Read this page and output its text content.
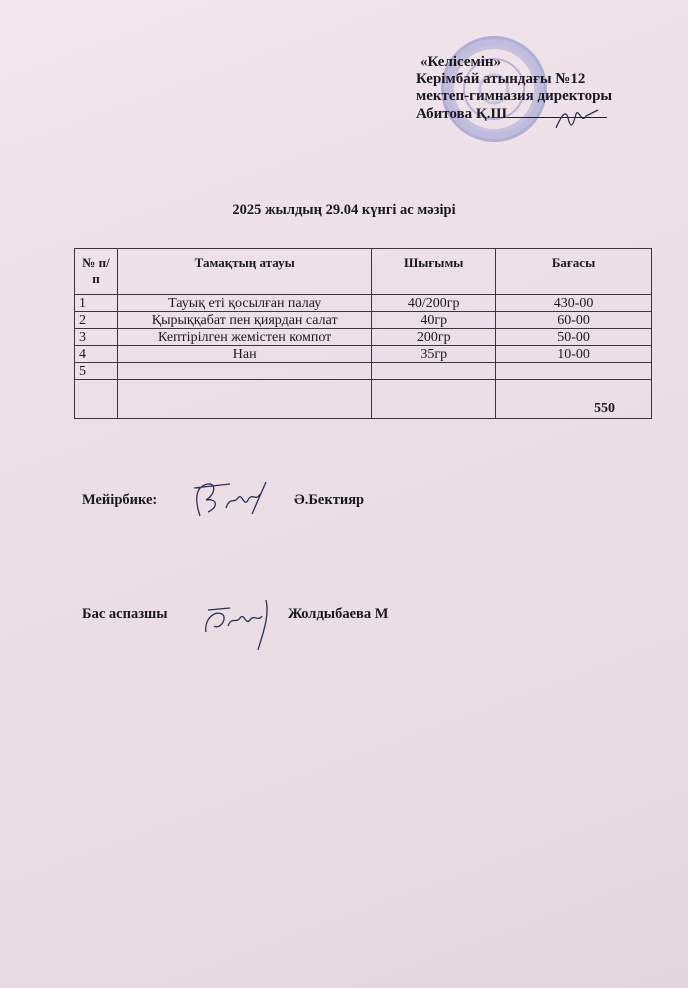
«Келісемін»
Керімбай атындағы №12
мектеп-гимназия директоры
Абитова Қ.Ш
2025 жылдың 29.04 күнгі ас мәзірі
№ п/п	Тамақтың атауы	Шығымы	Бағасы
1	Тауық еті қосылған палау	40/200гр	430-00
2	Қырыққабат пен қиярдан салат	40гр	60-00
3	Кептірілген жемістен компот	200гр	50-00
4	Нан	35гр	10-00
5			
			550
Мейірбике:	Ә.Бектияр
Бас аспазшы	Жолдыбаева М
